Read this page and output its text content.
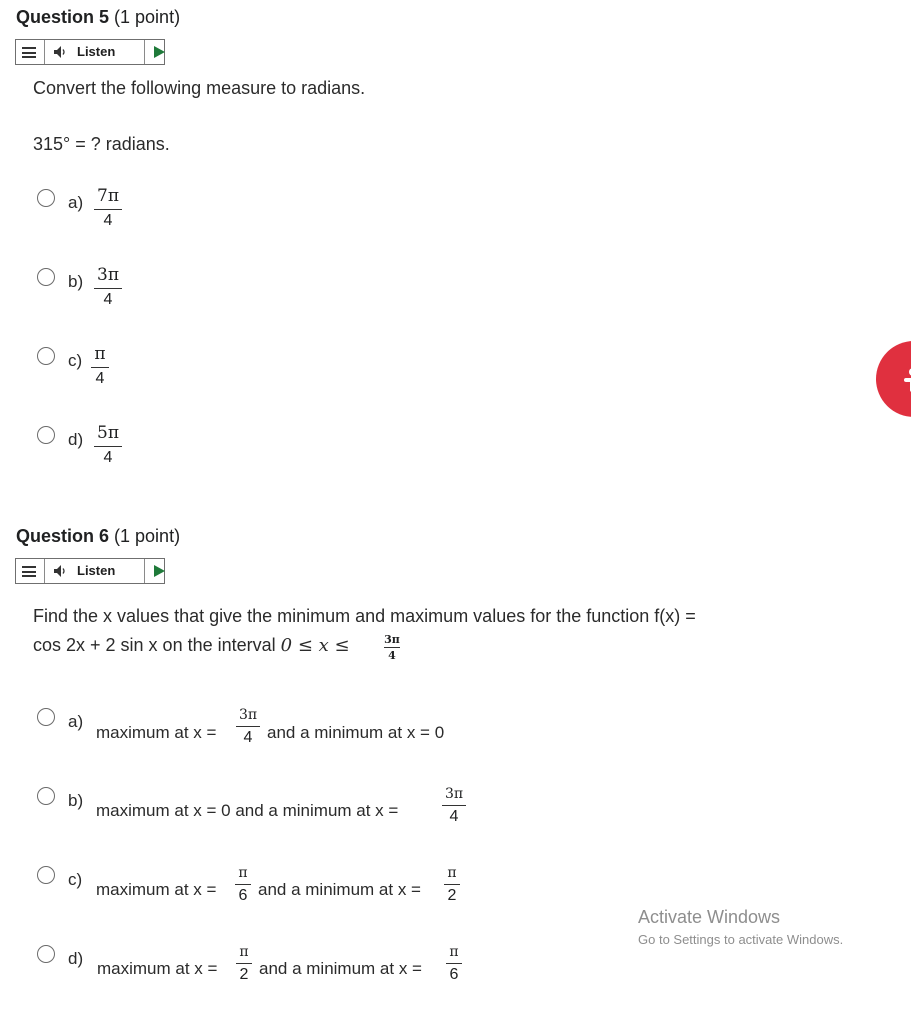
Question 5 (1 point)
Listen
Convert the following measure to radians.
315° = ? radians.
a) 7π
4
b) 3π
4
c) π
4
d) 5π
4
Question 6 (1 point)
Listen
Find the x values that give the minimum and maximum values for the function f(x) =
cos 2x + 2 sin x on the interval 0 ≤ x ≤	3π
4
a)
maximum at x =
3π
4 and a minimum at x = 0
b)
maximum at x = 0 and a minimum at x =
3π
4
c)
maximum at x =
π
6 and a minimum at x =
π
2
d)
maximum at x =
π
2 and a minimum at x =
π
6
Activate Windows
Go to Settings to activate Windows.
